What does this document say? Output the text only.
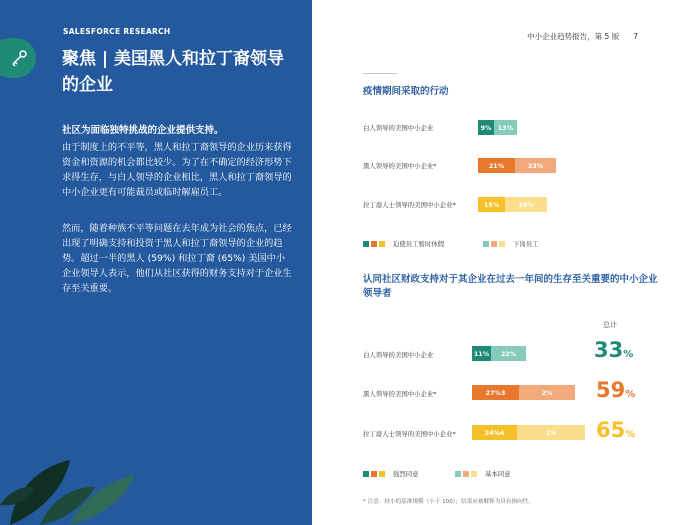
SALESFORCE RESEARCH
聚焦 | 美国黑人和拉丁裔领导的企业
社区为面临独特挑战的企业提供支持。

由于制度上的不平等，黑人和拉丁裔领导的企业历来获得资金和资源的机会都比较少。为了在不确定的经济形势下求得生存，与白人领导的企业相比，黑人和拉丁裔领导的中小企业更有可能裁员或临时解雇员工。

然而，随着种族不平等问题在去年成为社会的焦点，已经出现了明确支持和投资于黑人和拉丁裔领导的企业的趋势。超过一半的黑人 (59%) 和拉丁裔 (65%) 美国中小企业领导人表示，他们从社区获得的财务支持对于企业生存至关重要。

中小企业趋势报告，第 5 版 7
疫情期间采取的行动
白人领导的美国中小企业	9%	13%
黑人领导的美国中小企业*	21%	23%
拉丁裔人士领导的美国中小企业*	15%	24%
迫使员工暂时休假	下岗员工
认同社区财政支持对于其企业在过去一年间的生存至关重要的中小企业领导者
总计
白人领导的美国中小企业	11%	22%	33%
黑人领导的美国中小企业*	27%3	2%	59%
拉丁裔人士领导的美国中小企业*	24%4	1%	65%
强烈同意	基本同意
* 注意：较小的基准规模（小于 100）；结果应被解释为具有指向性。
